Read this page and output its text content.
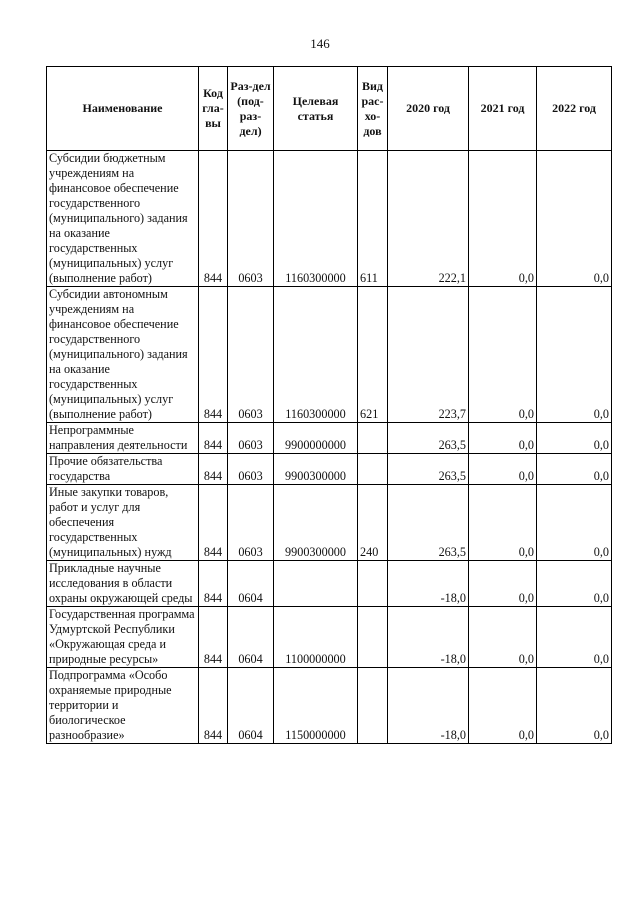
146
Наименование	Код гла-вы	Раз-дел (под-раз-дел)	Целевая статья	Вид рас-хо-дов	2020 год	2021 год	2022 год
Субсидии бюджетным учреждениям на финансовое обеспечение государственного (муниципального) задания на оказание государственных (муниципальных) услуг (выполнение работ)	844	0603	1160300000	611	222,1	0,0	0,0
Субсидии автономным учреждениям на финансовое обеспечение государственного (муниципального) задания на оказание государственных (муниципальных) услуг (выполнение работ)	844	0603	1160300000	621	223,7	0,0	0,0
Непрограммные направления деятельности	844	0603	9900000000		263,5	0,0	0,0
Прочие обязательства государства	844	0603	9900300000		263,5	0,0	0,0
Иные закупки товаров, работ и услуг для обеспечения государственных (муниципальных) нужд	844	0603	9900300000	240	263,5	0,0	0,0
Прикладные научные исследования в области охраны окружающей среды	844	0604			-18,0	0,0	0,0
Государственная программа Удмуртской Республики «Окружающая среда и природные ресурсы»	844	0604	1100000000		-18,0	0,0	0,0
Подпрограмма «Особо охраняемые природные территории и биологическое разнообразие»	844	0604	1150000000		-18,0	0,0	0,0
